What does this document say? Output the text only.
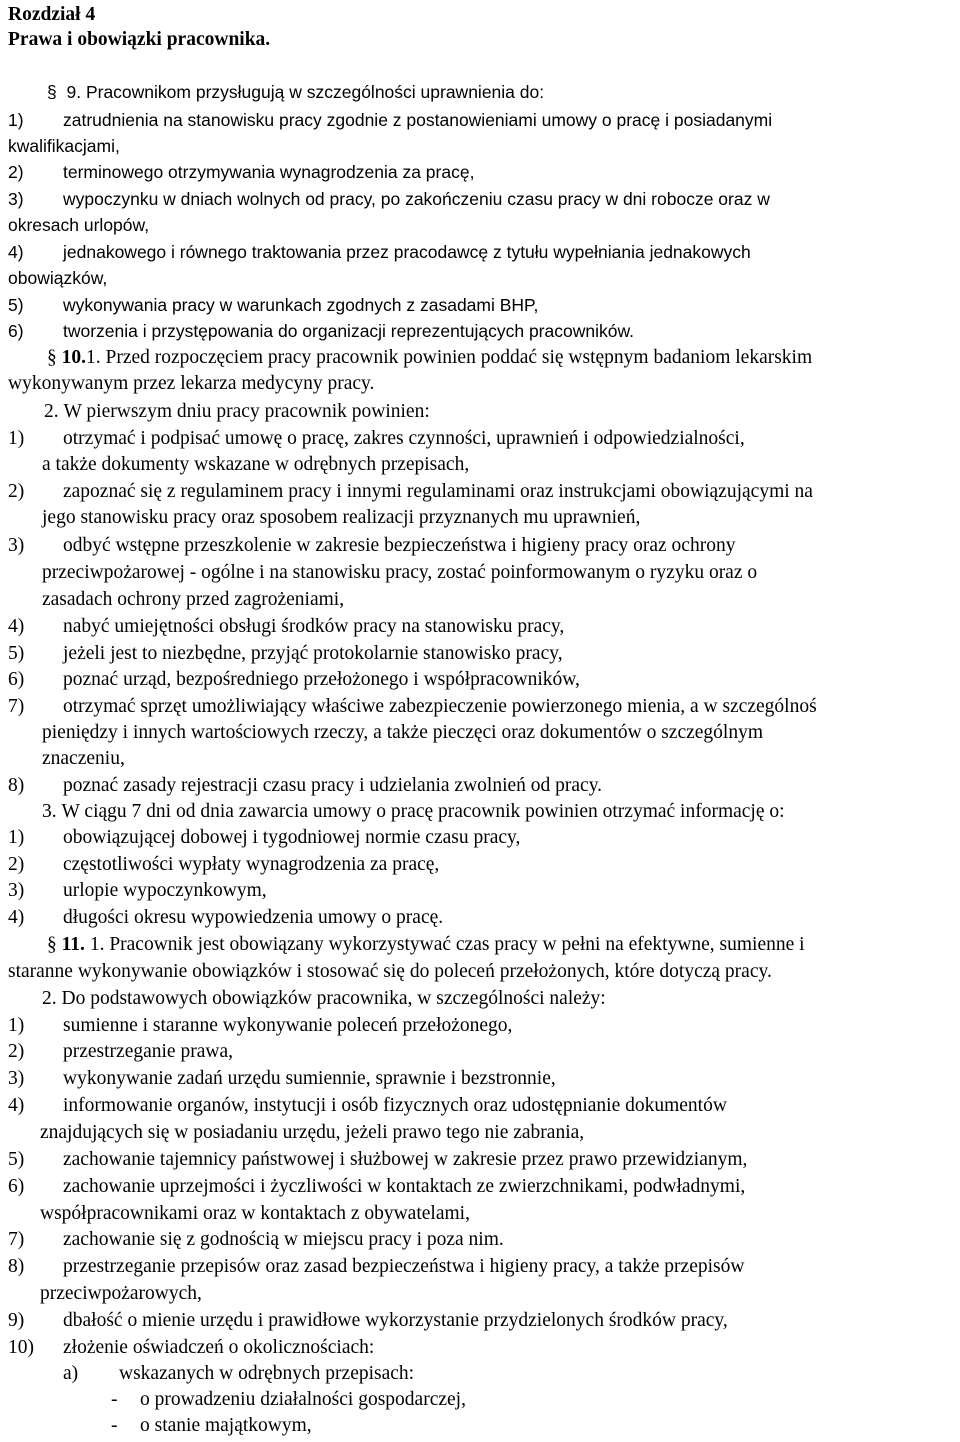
Rozdział 4
Prawa i obowiązki pracownika.
§ 9. Pracownikom przysługują w szczególności uprawnienia do:
1) zatrudnienia na stanowisku pracy zgodnie z postanowieniami umowy o pracę i posiadanymi
kwalifikacjami,
2) terminowego otrzymywania wynagrodzenia za pracę,
3) wypoczynku w dniach wolnych od pracy, po zakończeniu czasu pracy w dni robocze oraz w
okresach urlopów,
4) jednakowego i równego traktowania przez pracodawcę z tytułu wypełniania jednakowych
obowiązków,
5) wykonywania pracy w warunkach zgodnych z zasadami BHP,
6) tworzenia i przystępowania do organizacji reprezentujących pracowników.
§ 10.1. Przed rozpoczęciem pracy pracownik powinien poddać się wstępnym badaniom lekarskim
wykonywanym przez lekarza medycyny pracy.
2. W pierwszym dniu pracy pracownik powinien:
1) otrzymać i podpisać umowę o pracę, zakres czynności, uprawnień i odpowiedzialności,
a także dokumenty wskazane w odrębnych przepisach,
2) zapoznać się z regulaminem pracy i innymi regulaminami oraz instrukcjami obowiązującymi na
jego stanowisku pracy oraz sposobem realizacji przyznanych mu uprawnień,
3) odbyć wstępne przeszkolenie w zakresie bezpieczeństwa i higieny pracy oraz ochrony
przeciwpożarowej - ogólne i na stanowisku pracy, zostać poinformowanym o ryzyku oraz o
zasadach ochrony przed zagrożeniami,
4) nabyć umiejętności obsługi środków pracy na stanowisku pracy,
5) jeżeli jest to niezbędne, przyjąć protokolarnie stanowisko pracy,
6) poznać urząd, bezpośredniego przełożonego i współpracowników,
7) otrzymać sprzęt umożliwiający właściwe zabezpieczenie powierzonego mienia, a w szczególnoś
pieniędzy i innych wartościowych rzeczy, a także pieczęci oraz dokumentów o szczególnym
znaczeniu,
8) poznać zasady rejestracji czasu pracy i udzielania zwolnień od pracy.
3. W ciągu 7 dni od dnia zawarcia umowy o pracę pracownik powinien otrzymać informację o:
1) obowiązującej dobowej i tygodniowej normie czasu pracy,
2) częstotliwości wypłaty wynagrodzenia za pracę,
3) urlopie wypoczynkowym,
4) długości okresu wypowiedzenia umowy o pracę.
§ 11. 1. Pracownik jest obowiązany wykorzystywać czas pracy w pełni na efektywne, sumienne i
staranne wykonywanie obowiązków i stosować się do poleceń przełożonych, które dotyczą pracy.
2. Do podstawowych obowiązków pracownika, w szczególności należy:
1) sumienne i staranne wykonywanie poleceń przełożonego,
2) przestrzeganie prawa,
3) wykonywanie zadań urzędu sumiennie, sprawnie i bezstronnie,
4) informowanie organów, instytucji i osób fizycznych oraz udostępnianie dokumentów
znajdujących się w posiadaniu urzędu, jeżeli prawo tego nie zabrania,
5) zachowanie tajemnicy państwowej i służbowej w zakresie przez prawo przewidzianym,
6) zachowanie uprzejmości i życzliwości w kontaktach ze zwierzchnikami, podwładnymi,
współpracownikami oraz w kontaktach z obywatelami,
7) zachowanie się z godnością w miejscu pracy i poza nim.
8) przestrzeganie przepisów oraz zasad bezpieczeństwa i higieny pracy, a także przepisów
przeciwpożarowych,
9) dbałość o mienie urzędu i prawidłowe wykorzystanie przydzielonych środków pracy,
10) złożenie oświadczeń o okolicznościach:
a) wskazanych w odrębnych przepisach:
- o prowadzeniu działalności gospodarczej,
- o stanie majątkowym,
